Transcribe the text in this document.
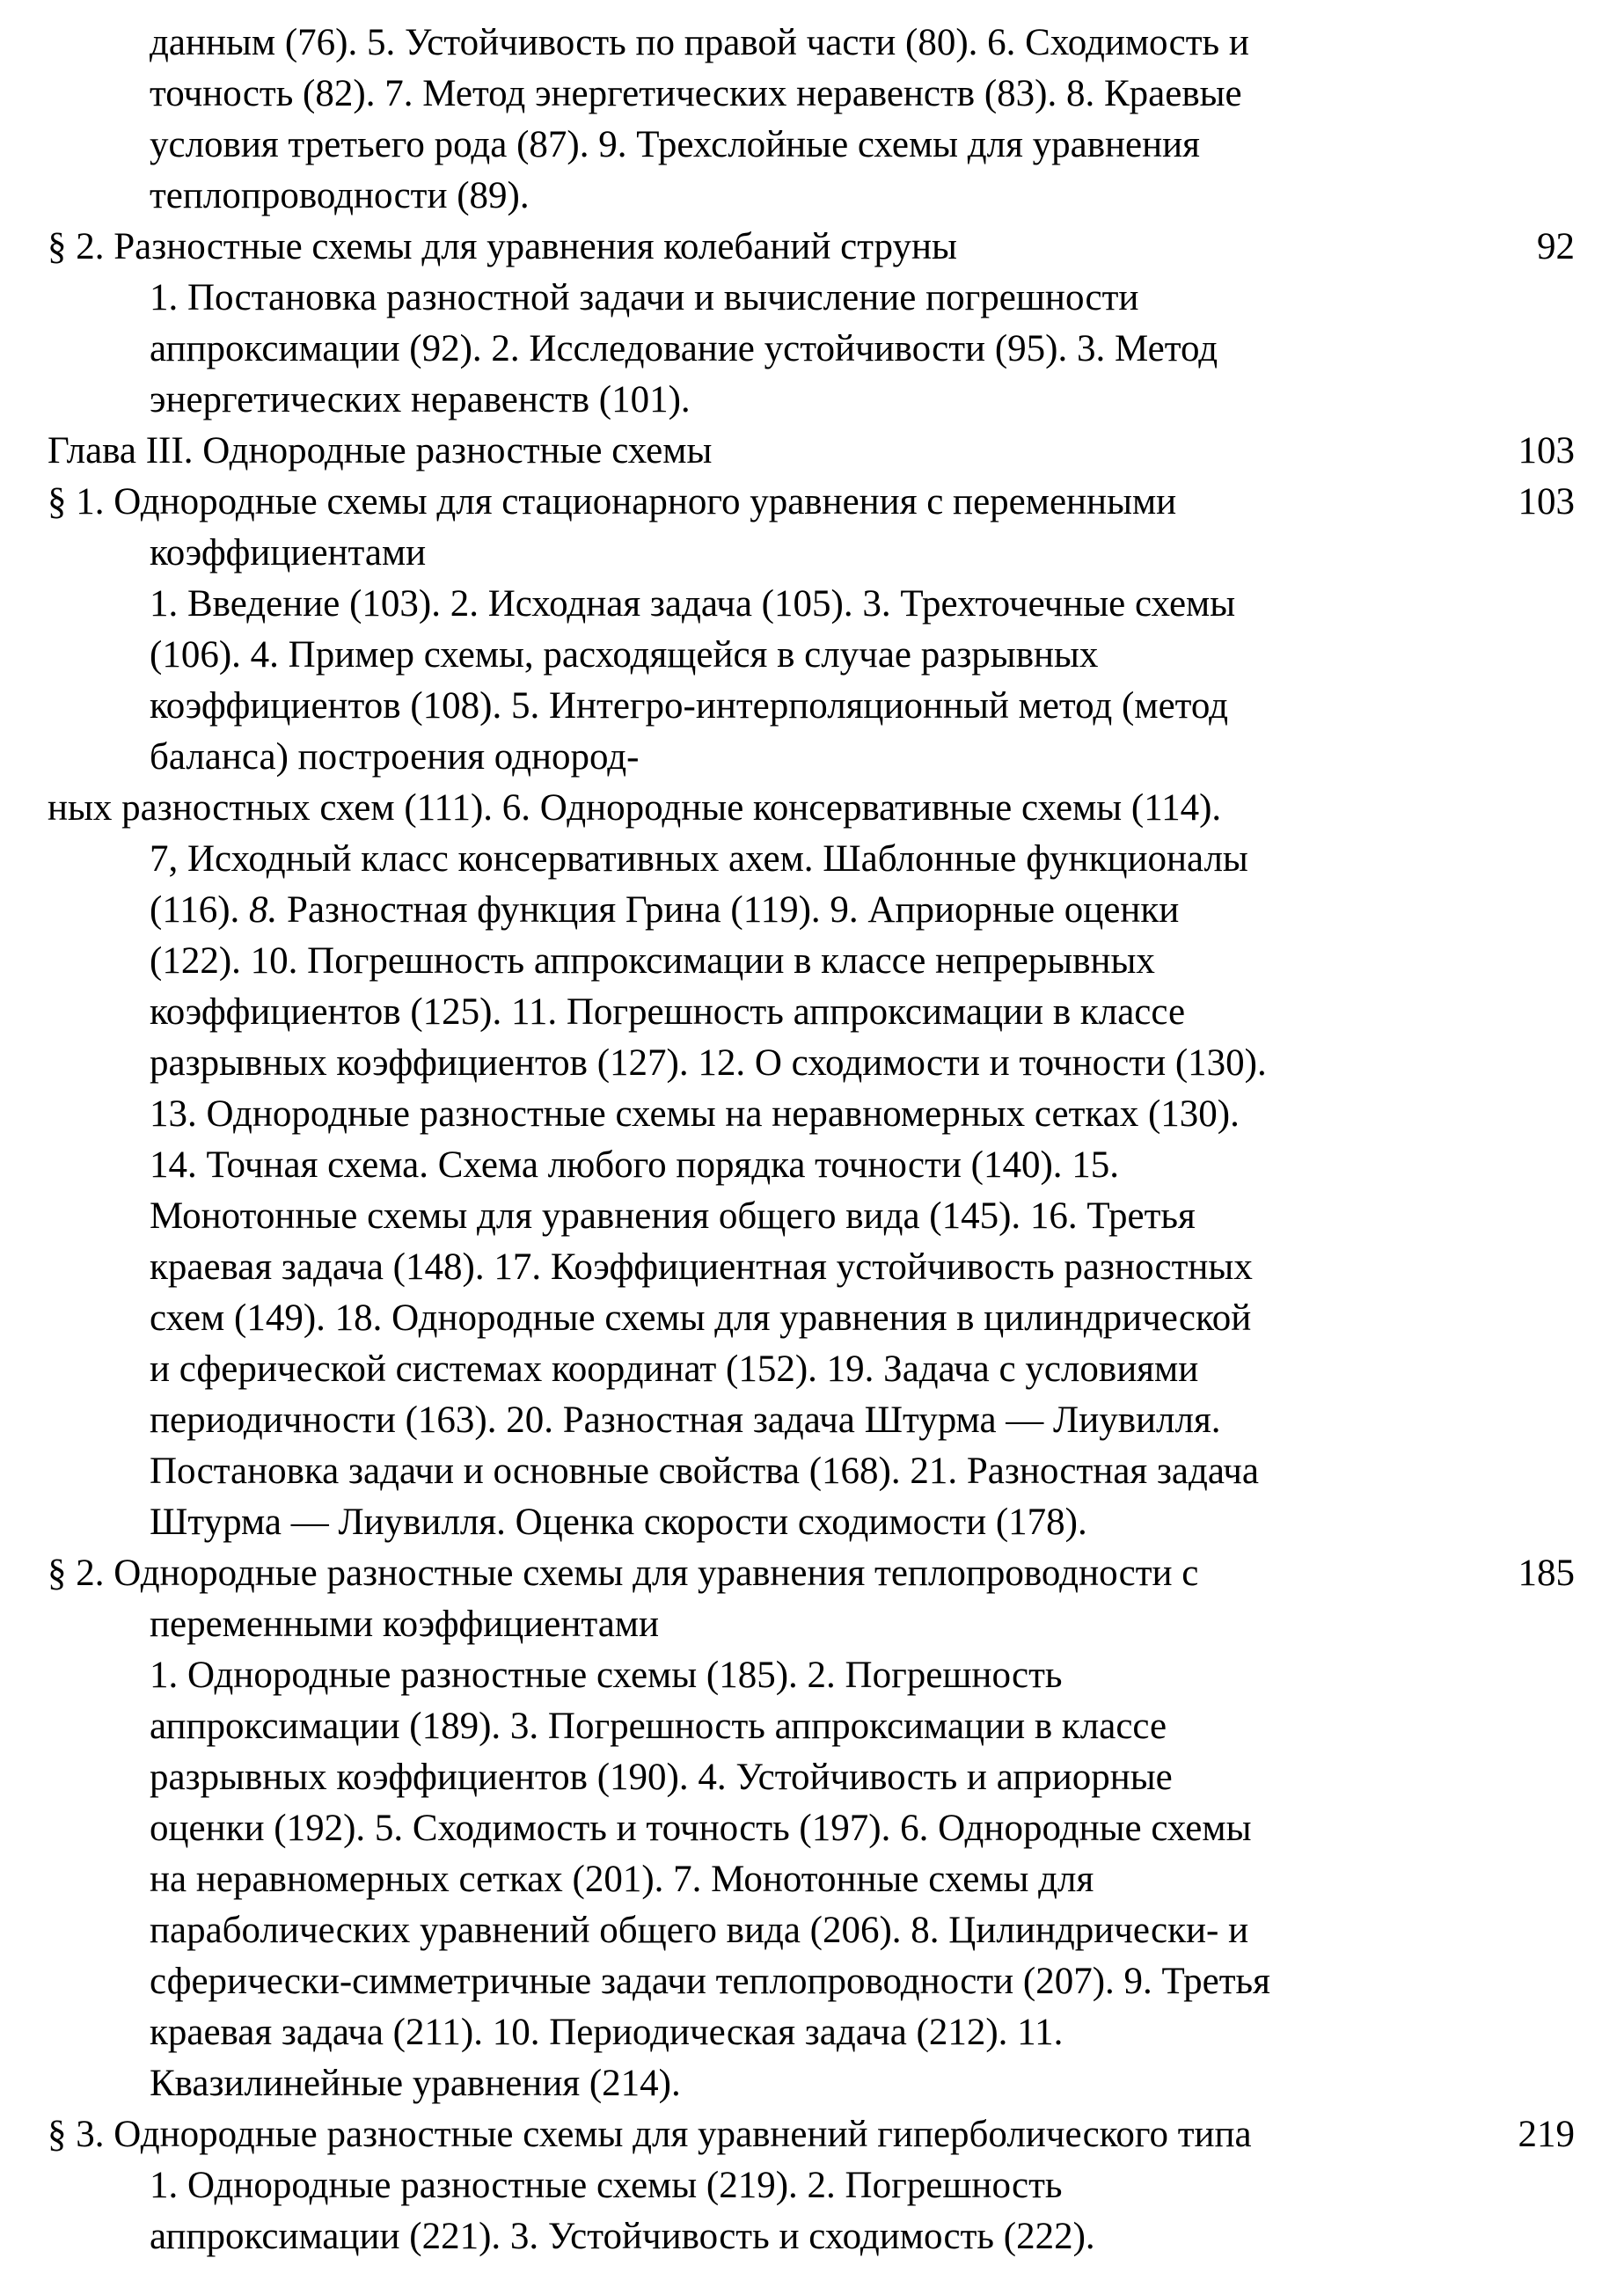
данным (76). 5. Устойчивость по правой части (80). 6. Сходимость и
точность (82). 7. Метод энергетических неравенств (83). 8. Краевые
условия третьего рода (87). 9. Трехслойные схемы для уравнения
теплопроводности (89).
§ 2. Разностные схемы для уравнения колебаний струны	92
1. Постановка разностной задачи и вычисление погрешности
аппроксимации (92). 2. Исследование устойчивости (95). 3. Метод
энергетических неравенств (101).
Глава III. Однородные разностные схемы	103
§ 1. Однородные схемы для стационарного уравнения с переменными	103
коэффициентами
1. Введение (103). 2. Исходная задача (105). 3. Трехточечные схемы
(106). 4. Пример схемы, расходящейся в случае разрывных
коэффициентов (108). 5. Интегро-интерполяционный метод (метод
баланса) построения однород-
ных разностных схем (111). 6. Однородные консервативные схемы (114).
7, Исходный класс консервативных ахем. Шаблонные функционалы
(116). 8. Разностная функция Грина (119). 9. Априорные оценки
(122). 10. Погрешность аппроксимации в классе непрерывных
коэффициентов (125). 11. Погрешность аппроксимации в классе
разрывных коэффициентов (127). 12. О сходимости и точности (130).
13. Однородные разностные схемы на неравномерных сетках (130).
14. Точная схема. Схема любого порядка точности (140). 15.
Монотонные схемы для уравнения общего вида (145). 16. Третья
краевая задача (148). 17. Коэффициентная устойчивость разностных
схем (149). 18. Однородные схемы для уравнения в цилиндрической
и сферической системах координат (152). 19. Задача с условиями
периодичности (163). 20. Разностная задача Штурма — Лиувилля.
Постановка задачи и основные свойства (168). 21. Разностная задача
Штурма — Лиувилля. Оценка скорости сходимости (178).
§ 2. Однородные разностные схемы для уравнения теплопроводности с	185
переменными коэффициентами
1. Однородные разностные схемы (185). 2. Погрешность
аппроксимации (189). 3. Погрешность аппроксимации в классе
разрывных коэффициентов (190). 4. Устойчивость и априорные
оценки (192). 5. Сходимость и точность (197). 6. Однородные схемы
на неравномерных сетках (201). 7. Монотонные схемы для
параболических уравнений общего вида (206). 8. Цилиндрически- и
сферически-симметричные задачи теплопроводности (207). 9. Третья
краевая задача (211). 10. Периодическая задача (212). 11.
Квазилинейные уравнения (214).
§ 3. Однородные разностные схемы для уравнений гиперболического типа	219
1. Однородные разностные схемы (219). 2. Погрешность
аппроксимации (221). 3. Устойчивость и сходимость (222).
